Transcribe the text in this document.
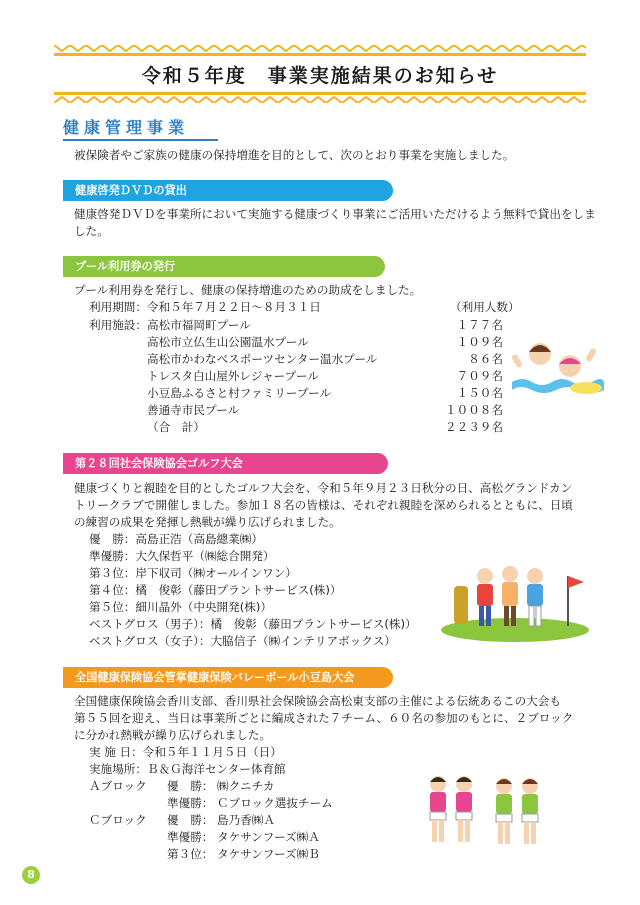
令和５年度　事業実施結果のお知らせ
健康管理事業
被保険者やご家族の健康の保持増進を目的として、次のとおり事業を実施しました。
健康啓発ＤＶＤの貸出
健康啓発ＤＶＤを事業所において実施する健康づくり事業にご活用いただけるよう無料で貸出をしました。
プール利用券の発行
プール利用券を発行し、健康の保持増進のための助成をしました。
利用期間：令和５年７月２２日～８月３１日	（利用人数）
利用施設： 高松市福岡町プール	１７７名
高松市立仏生山公園温水プール	１０９名
高松市かわなべスポーツセンター温水プール	８６名
トレスタ白山屋外レジャープール	７０９名
小豆島ふるさと村ファミリープール	１５０名
善通寺市民プール	１００８名
（合　計）	２２３９名
第２８回社会保険協会ゴルフ大会
健康づくりと親睦を目的としたゴルフ大会を、令和５年９月２３日秋分の日、高松グランドカン
トリークラブで開催しました。参加１８名の皆様は、それぞれ親睦を深められるとともに、日頃
の練習の成果を発揮し熱戦が繰り広げられました。
優　勝：高島正浩（高島總業㈱）
準優勝：大久保哲平（㈱総合開発）
第３位：岸下収司（㈱オールインワン）
第４位：橘　俊彰（藤田プラントサービス(株)）
第５位：細川晶外（中央開発(株)）
ベストグロス（男子）：橘　俊彰（藤田プラントサービス(株)）
ベストグロス（女子）：大脇信子（㈱インテリアボックス）
全国健康保険協会管掌健康保険バレーボール小豆島大会
全国健康保険協会香川支部、香川県社会保険協会高松東支部の主催による伝統あるこの大会も
第５５回を迎え、当日は事業所ごとに編成された７チーム、６０名の参加のもとに、２ブロック
に分かれ熱戦が繰り広げられました。
実 施 日：令和５年１１月５日（日）
実施場所：Ｂ＆Ｇ海洋センター体育館
Ａブロック 優　勝： ㈱クニチカ
準優勝： Ｃブロック選抜チーム
Ｃブロック 優　勝： 島乃香㈱Ａ
準優勝： タケサンフーズ㈱Ａ
第３位： タケサンフーズ㈱Ｂ
8
